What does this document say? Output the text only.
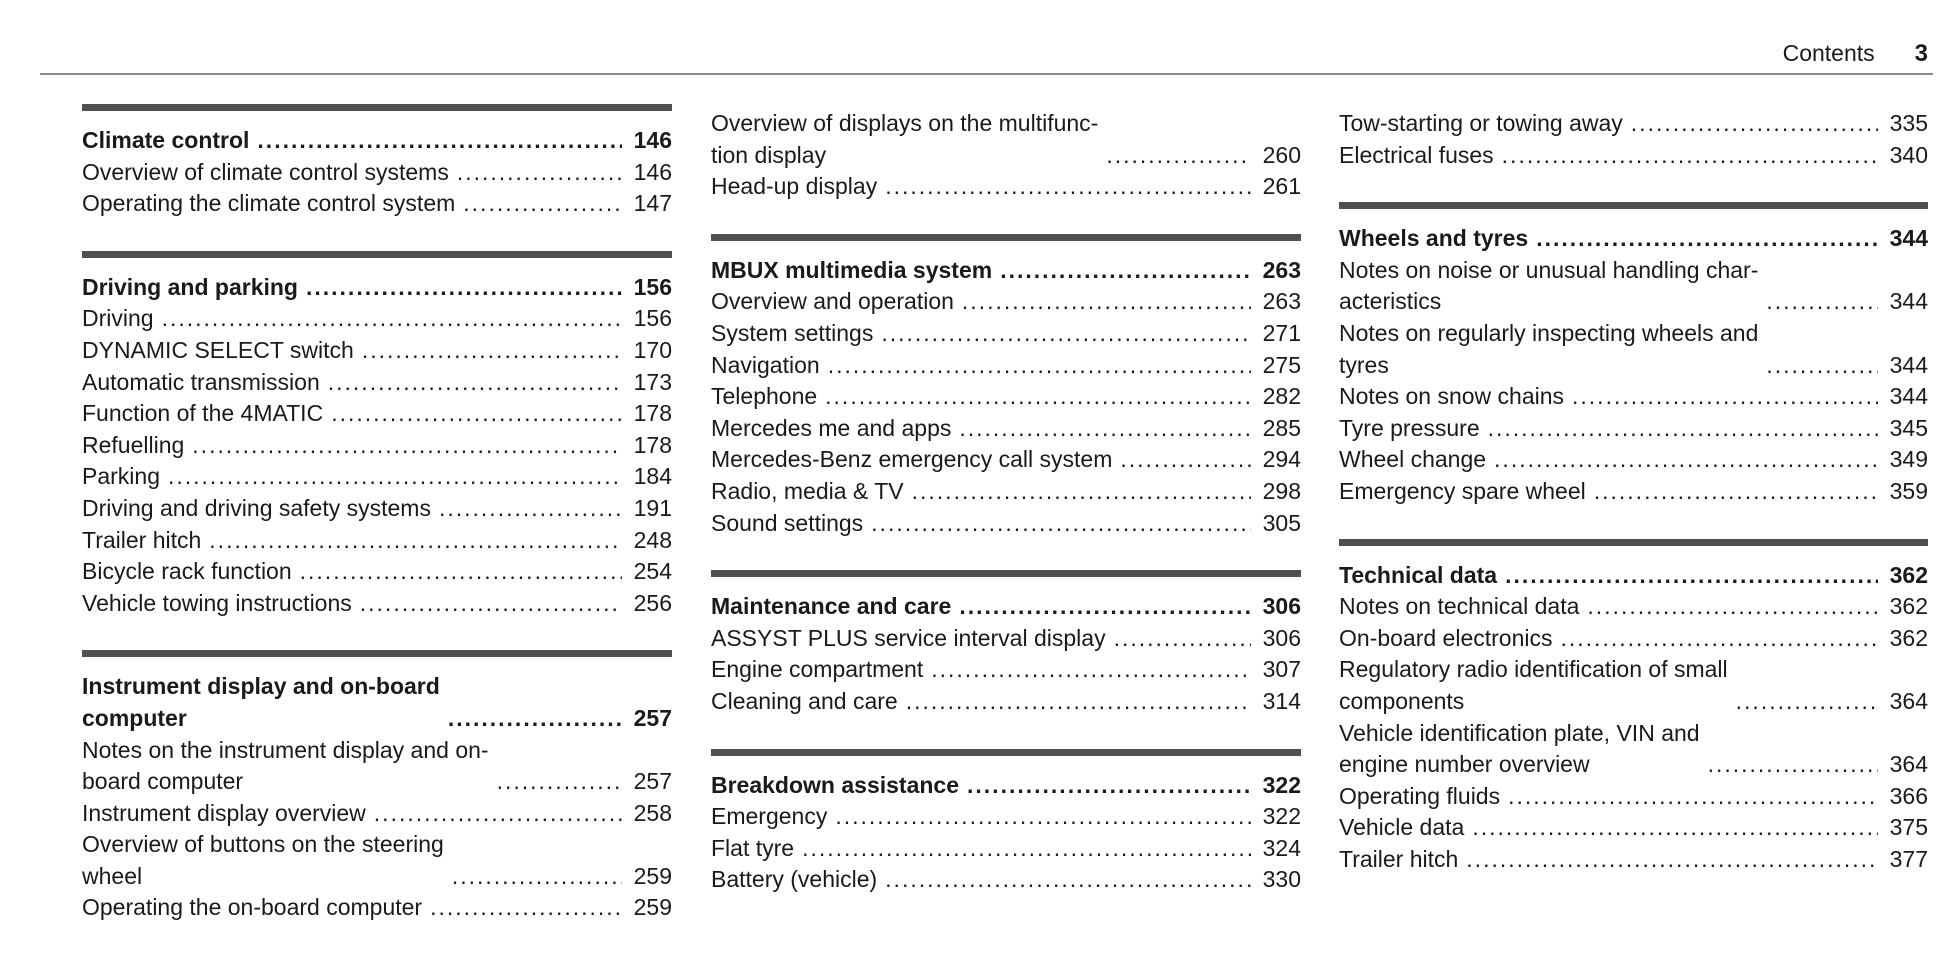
Contents 3
Climate control .....	146
Overview of climate control systems .....	146
Operating the climate control system .....	147
Driving and parking .....	156
Driving .....	156
DYNAMIC SELECT switch .....	170
Automatic transmission .....	173
Function of the 4MATIC .....	178
Refuelling .....	178
Parking .....	184
Driving and driving safety systems .....	191
Trailer hitch .....	248
Bicycle rack function .....	254
Vehicle towing instructions .....	256
Instrument display and on-board
computer .....	257
Notes on the instrument display and on-
board computer .....	257
Instrument display overview .....	258
Overview of buttons on the steering
wheel .....	259
Operating the on-board computer .....	259
Overview of displays on the multifunc-
tion display .....	260
Head-up display .....	261
MBUX multimedia system .....	263
Overview and operation .....	263
System settings .....	271
Navigation .....	275
Telephone .....	282
Mercedes me and apps .....	285
Mercedes-Benz emergency call system .....	294
Radio, media & TV .....	298
Sound settings .....	305
Maintenance and care .....	306
ASSYST PLUS service interval display .....	306
Engine compartment .....	307
Cleaning and care .....	314
Breakdown assistance .....	322
Emergency .....	322
Flat tyre .....	324
Battery (vehicle) .....	330
Tow-starting or towing away .....	335
Electrical fuses .....	340
Wheels and tyres .....	344
Notes on noise or unusual handling char-
acteristics .....	344
Notes on regularly inspecting wheels and
tyres .....	344
Notes on snow chains .....	344
Tyre pressure .....	345
Wheel change .....	349
Emergency spare wheel .....	359
Technical data .....	362
Notes on technical data .....	362
On-board electronics .....	362
Regulatory radio identification of small
components .....	364
Vehicle identification plate, VIN and
engine number overview .....	364
Operating fluids .....	366
Vehicle data .....	375
Trailer hitch .....	377
